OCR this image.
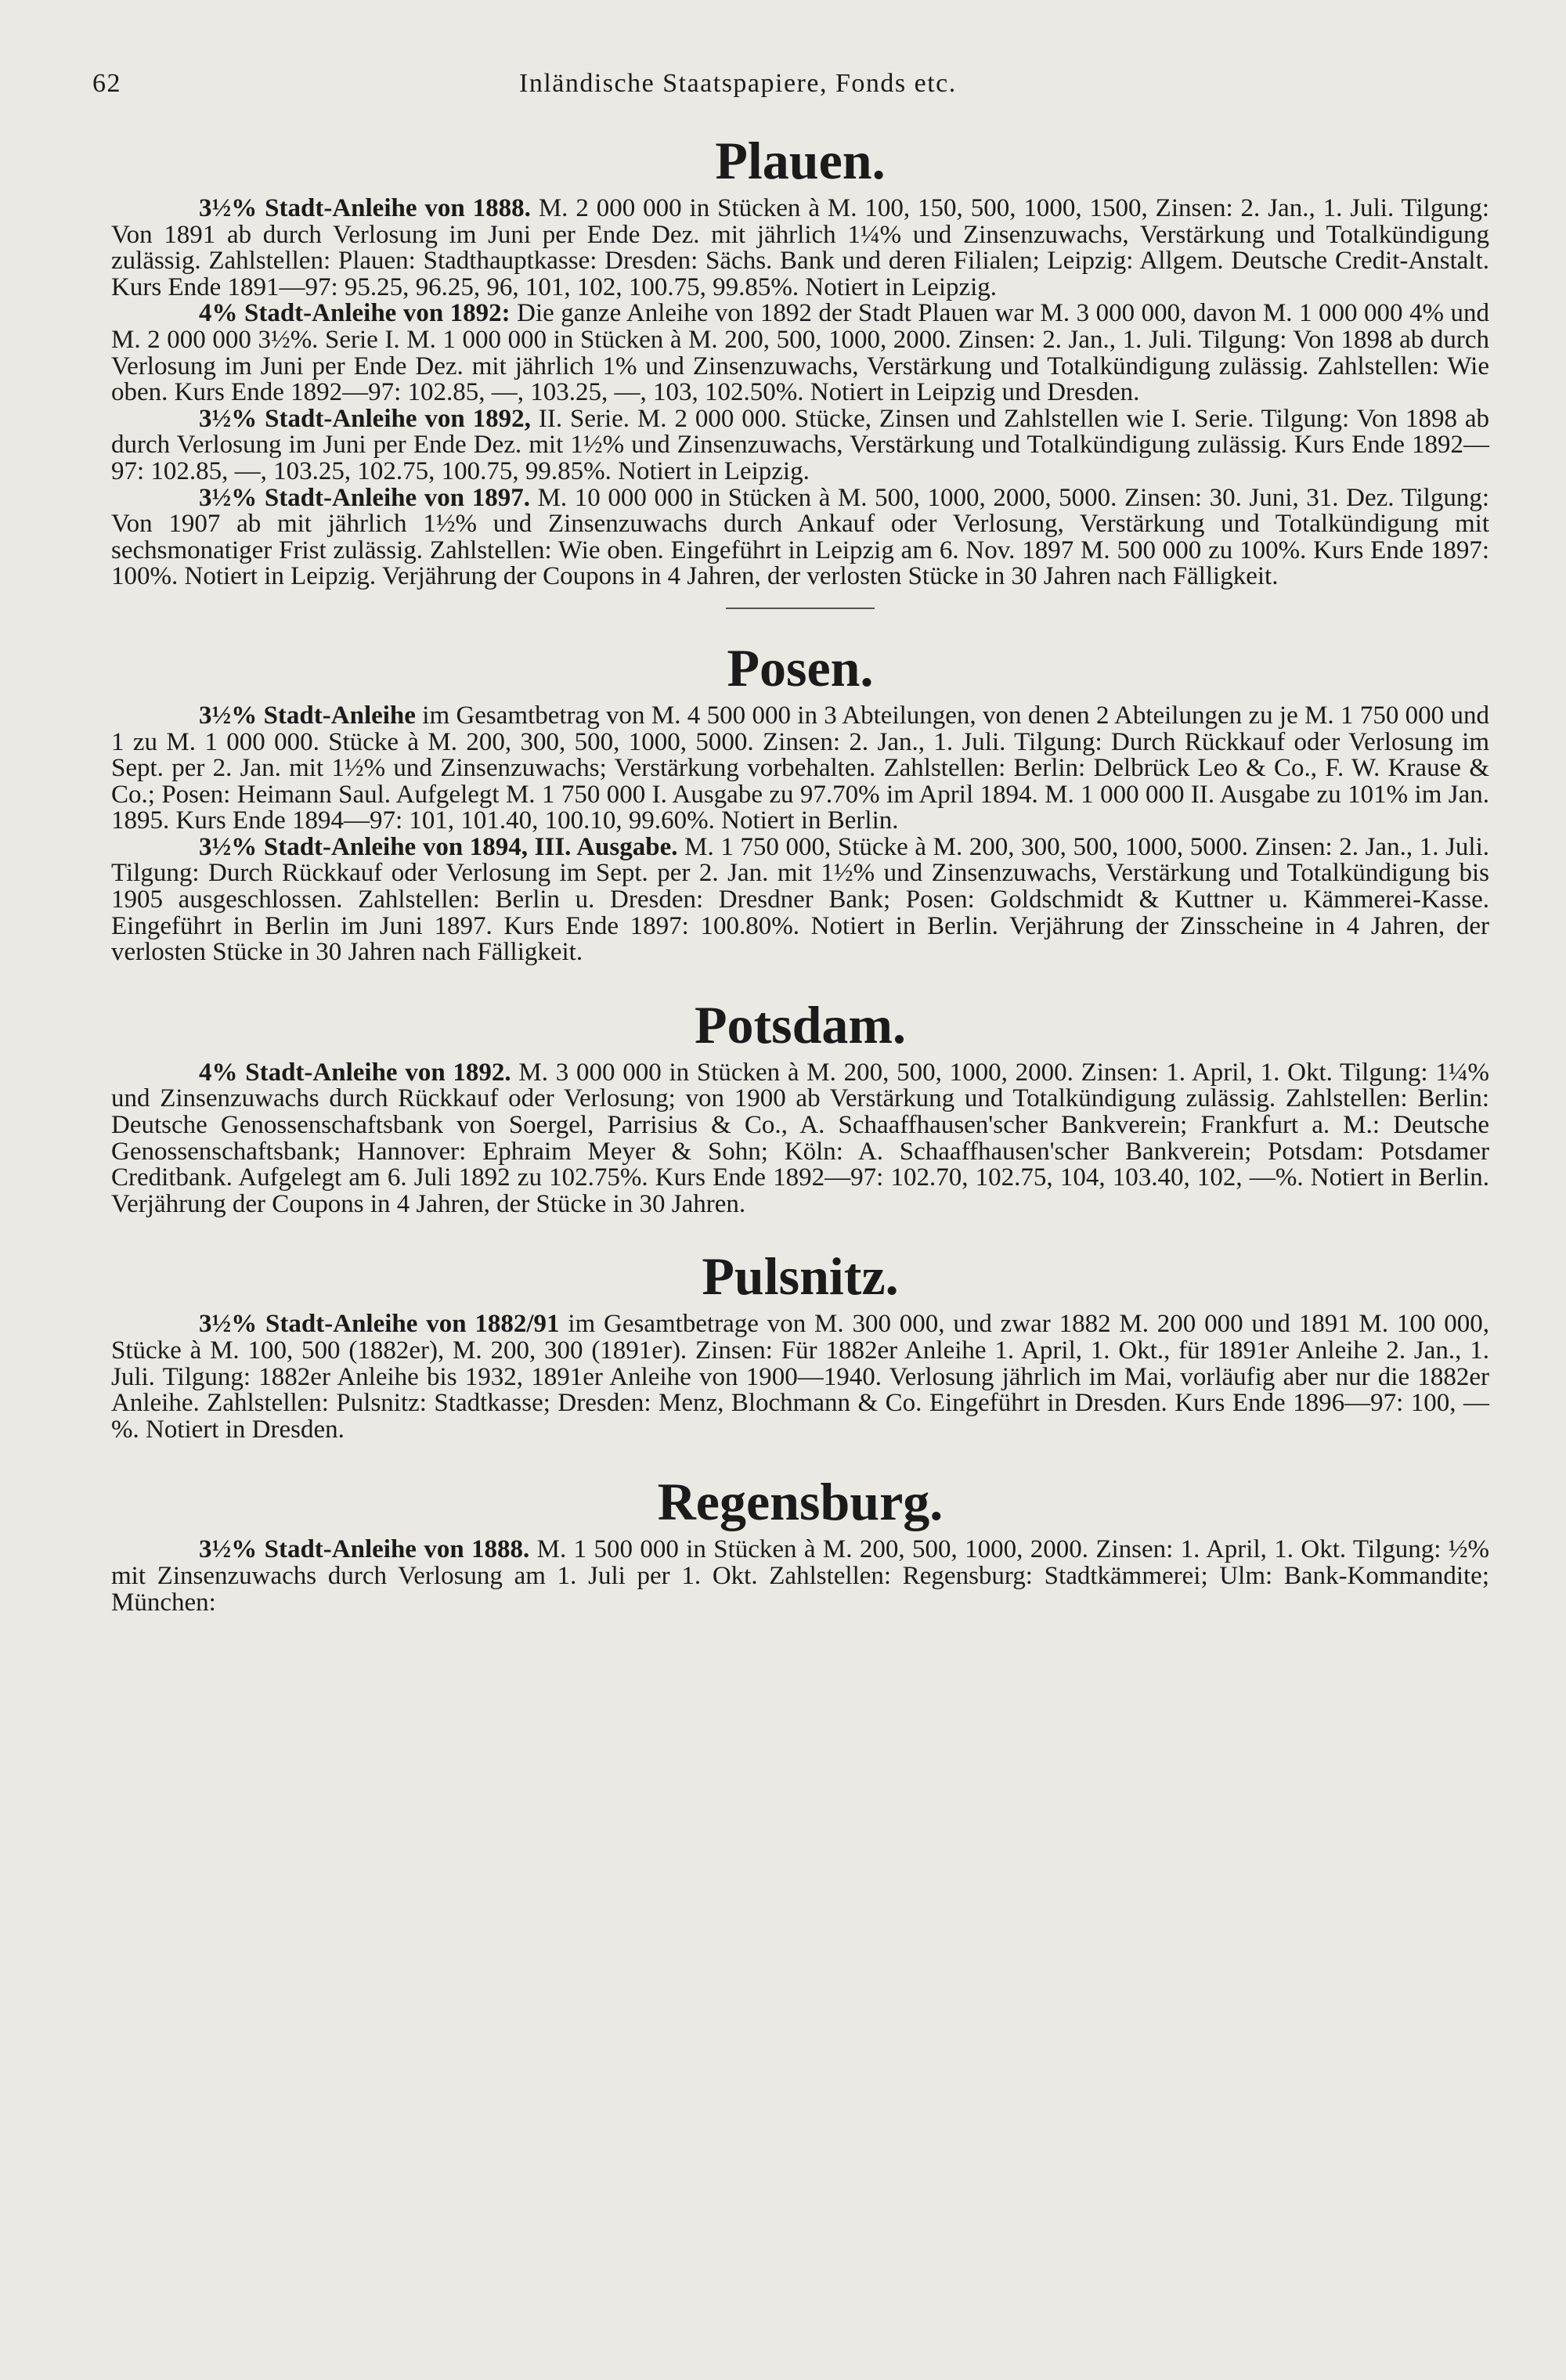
62	Inländische Staatspapiere, Fonds etc.
Plauen.

3½% Stadt-Anleihe von 1888. M. 2 000 000 in Stücken à M. 100, 150, 500, 1000, 1500, Zinsen: 2. Jan., 1. Juli. Tilgung: Von 1891 ab durch Verlosung im Juni per Ende Dez. mit jährlich 1¼% und Zinsenzuwachs, Verstärkung und Totalkündigung zulässig. Zahlstellen: Plauen: Stadthauptkasse: Dresden: Sächs. Bank und deren Filialen; Leipzig: Allgem. Deutsche Credit-Anstalt. Kurs Ende 1891—97: 95.25, 96.25, 96, 101, 102, 100.75, 99.85%. Notiert in Leipzig.

4% Stadt-Anleihe von 1892: Die ganze Anleihe von 1892 der Stadt Plauen war M. 3 000 000, davon M. 1 000 000 4% und M. 2 000 000 3½%. Serie I. M. 1 000 000 in Stücken à M. 200, 500, 1000, 2000. Zinsen: 2. Jan., 1. Juli. Tilgung: Von 1898 ab durch Verlosung im Juni per Ende Dez. mit jährlich 1% und Zinsenzuwachs, Verstärkung und Totalkündigung zulässig. Zahlstellen: Wie oben. Kurs Ende 1892—97: 102.85, —, 103.25, —, 103, 102.50%. Notiert in Leipzig und Dresden.

3½% Stadt-Anleihe von 1892, II. Serie. M. 2 000 000. Stücke, Zinsen und Zahlstellen wie I. Serie. Tilgung: Von 1898 ab durch Verlosung im Juni per Ende Dez. mit 1½% und Zinsenzuwachs, Verstärkung und Totalkündigung zulässig. Kurs Ende 1892—97: 102.85, —, 103.25, 102.75, 100.75, 99.85%. Notiert in Leipzig.

3½% Stadt-Anleihe von 1897. M. 10 000 000 in Stücken à M. 500, 1000, 2000, 5000. Zinsen: 30. Juni, 31. Dez. Tilgung: Von 1907 ab mit jährlich 1½% und Zinsenzuwachs durch Ankauf oder Verlosung, Verstärkung und Totalkündigung mit sechsmonatiger Frist zulässig. Zahlstellen: Wie oben. Eingeführt in Leipzig am 6. Nov. 1897 M. 500 000 zu 100%. Kurs Ende 1897: 100%. Notiert in Leipzig. Verjährung der Coupons in 4 Jahren, der verlosten Stücke in 30 Jahren nach Fälligkeit.

Posen.

3½% Stadt-Anleihe im Gesamtbetrag von M. 4 500 000 in 3 Abteilungen, von denen 2 Abteilungen zu je M. 1 750 000 und 1 zu M. 1 000 000. Stücke à M. 200, 300, 500, 1000, 5000. Zinsen: 2. Jan., 1. Juli. Tilgung: Durch Rückkauf oder Verlosung im Sept. per 2. Jan. mit 1½% und Zinsenzuwachs; Verstärkung vorbehalten. Zahlstellen: Berlin: Delbrück Leo & Co., F. W. Krause & Co.; Posen: Heimann Saul. Aufgelegt M. 1 750 000 I. Ausgabe zu 97.70% im April 1894. M. 1 000 000 II. Ausgabe zu 101% im Jan. 1895. Kurs Ende 1894—97: 101, 101.40, 100.10, 99.60%. Notiert in Berlin.

3½% Stadt-Anleihe von 1894, III. Ausgabe. M. 1 750 000, Stücke à M. 200, 300, 500, 1000, 5000. Zinsen: 2. Jan., 1. Juli. Tilgung: Durch Rückkauf oder Verlosung im Sept. per 2. Jan. mit 1½% und Zinsenzuwachs, Verstärkung und Totalkündigung bis 1905 ausgeschlossen. Zahlstellen: Berlin u. Dresden: Dresdner Bank; Posen: Goldschmidt & Kuttner u. Kämmerei-Kasse. Eingeführt in Berlin im Juni 1897. Kurs Ende 1897: 100.80%. Notiert in Berlin. Verjährung der Zinsscheine in 4 Jahren, der verlosten Stücke in 30 Jahren nach Fälligkeit.

Potsdam.

4% Stadt-Anleihe von 1892. M. 3 000 000 in Stücken à M. 200, 500, 1000, 2000. Zinsen: 1. April, 1. Okt. Tilgung: 1¼% und Zinsenzuwachs durch Rückkauf oder Verlosung; von 1900 ab Verstärkung und Totalkündigung zulässig. Zahlstellen: Berlin: Deutsche Genossenschaftsbank von Soergel, Parrisius & Co., A. Schaaffhausen'scher Bankverein; Frankfurt a. M.: Deutsche Genossenschaftsbank; Hannover: Ephraim Meyer & Sohn; Köln: A. Schaaffhausen'scher Bankverein; Potsdam: Potsdamer Creditbank. Aufgelegt am 6. Juli 1892 zu 102.75%. Kurs Ende 1892—97: 102.70, 102.75, 104, 103.40, 102, —%. Notiert in Berlin. Verjährung der Coupons in 4 Jahren, der Stücke in 30 Jahren.

Pulsnitz.

3½% Stadt-Anleihe von 1882/91 im Gesamtbetrage von M. 300 000, und zwar 1882 M. 200 000 und 1891 M. 100 000, Stücke à M. 100, 500 (1882er), M. 200, 300 (1891er). Zinsen: Für 1882er Anleihe 1. April, 1. Okt., für 1891er Anleihe 2. Jan., 1. Juli. Tilgung: 1882er Anleihe bis 1932, 1891er Anleihe von 1900—1940. Verlosung jährlich im Mai, vorläufig aber nur die 1882er Anleihe. Zahlstellen: Pulsnitz: Stadtkasse; Dresden: Menz, Blochmann & Co. Eingeführt in Dresden. Kurs Ende 1896—97: 100, —%. Notiert in Dresden.

Regensburg.

3½% Stadt-Anleihe von 1888. M. 1 500 000 in Stücken à M. 200, 500, 1000, 2000. Zinsen: 1. April, 1. Okt. Tilgung: ½% mit Zinsenzuwachs durch Verlosung am 1. Juli per 1. Okt. Zahlstellen: Regensburg: Stadtkämmerei; Ulm: Bank-Kommandite; München:
